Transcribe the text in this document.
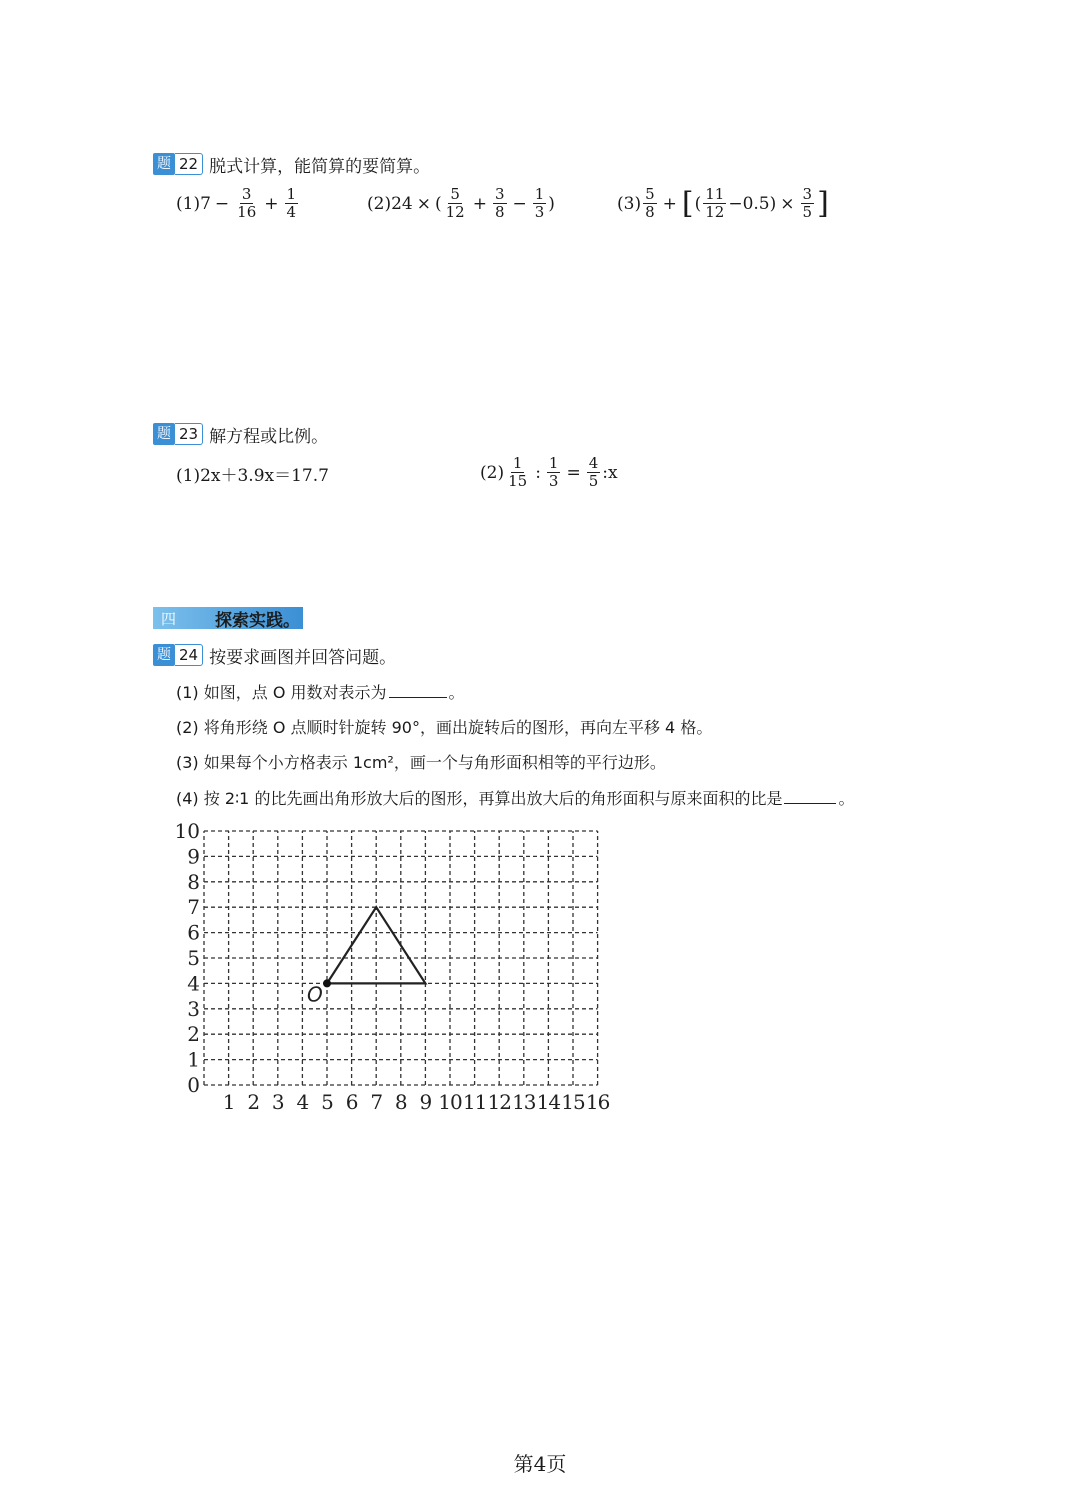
题 22 脱式计算，能简算的要简算。
$(1)7 - \frac{3}{16} + \frac{1}{4}$	(2)24 × ( $\frac{5}{12} + \frac{3}{8} - \frac{1}{3}$ )	$(3) \frac{5}{8}$ + [ ( $\frac{11}{12} -0.5) \times \frac{3}{5}$ ]
题 23 解方程或比例。
(1)2x＋3.9x＝17.7	$(2) \frac{1}{15}$ : $\frac{1}{3} = \frac{4}{5}$ :x
四	探索实践。
题 24 按要求画图并回答问题。
(1) 如图，点 O 用数对表示为	。
(2) 将角形绕 O 点顺时针旋转 90°，画出旋转后的图形，再向左平移 4 格。
(3) 如果每个小方格表示 1cm²，画一个与角形面积相等的平行边形。
(4) 按 2∶1 的比先画出角形放大后的图形，再算出放大后的角形面积与原来面积的比是	。
0
1
2
3
4
5
6
7
8
9
10
1 2 3 4 5 6 7 8 9 10 11 12 13 14 15 16
O
第4页
